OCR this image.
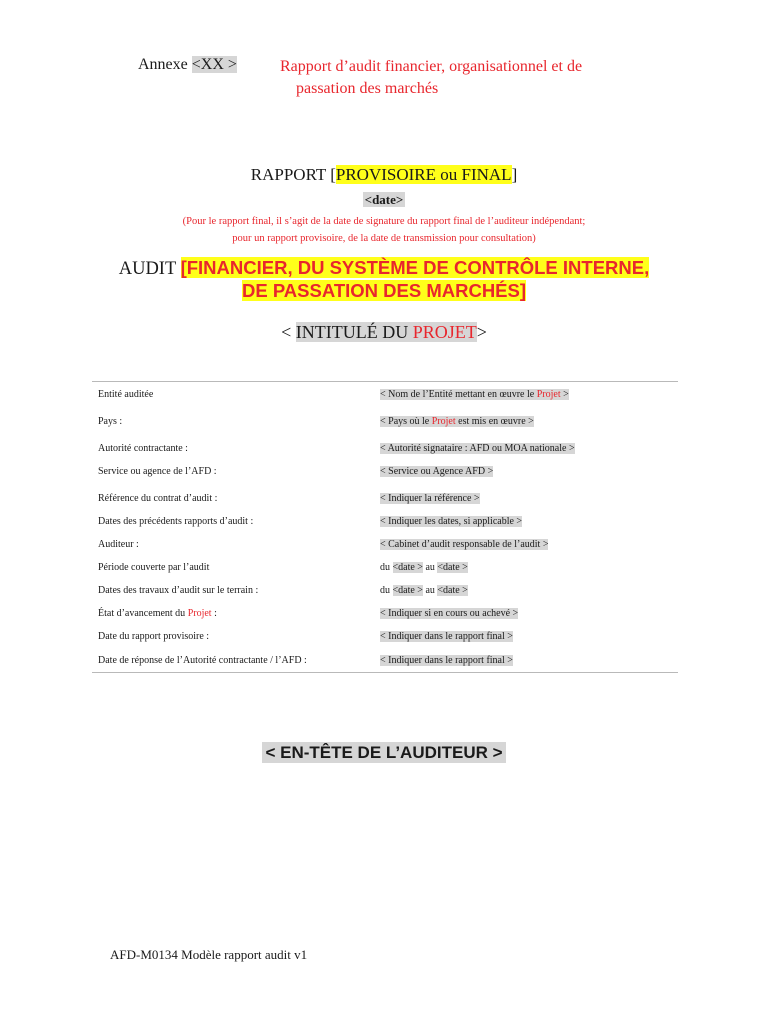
Annexe <XX >	Rapport d’audit financier, organisationnel et de
passation des marchés
RAPPORT [PROVISOIRE ou FINAL]
<date>
(Pour le rapport final, il s’agit de la date de signature du rapport final de l’auditeur indépendant;
pour un rapport provisoire, de la date de transmission pour consultation)
AUDIT [FINANCIER, DU SYSTÈME DE CONTRÔLE INTERNE,
DE PASSATION DES MARCHÉS]
< INTITULÉ DU PROJET>
Entité auditée	< Nom de l’Entité mettant en œuvre le Projet >

Pays :	< Pays où le Projet est mis en œuvre >

Autorité contractante :	< Autorité signataire : AFD ou MOA nationale >
Service ou agence de l’AFD :	< Service ou Agence AFD >

Référence du contrat d’audit :	< Indiquer la référence >
Dates des précédents rapports d’audit :	< Indiquer les dates, si applicable >
Auditeur :	< Cabinet d’audit responsable de l’audit >
Période couverte par l’audit	du <date > au <date >
Dates des travaux d’audit sur le terrain :	du <date > au <date >
État d’avancement du Projet :	< Indiquer si en cours ou achevé >
Date du rapport provisoire :	< Indiquer dans le rapport final >
Date de réponse de l’Autorité contractante / l’AFD :	< Indiquer dans le rapport final >
< EN-TÊTE DE L’AUDITEUR >
AFD-M0134 Modèle rapport audit v1
